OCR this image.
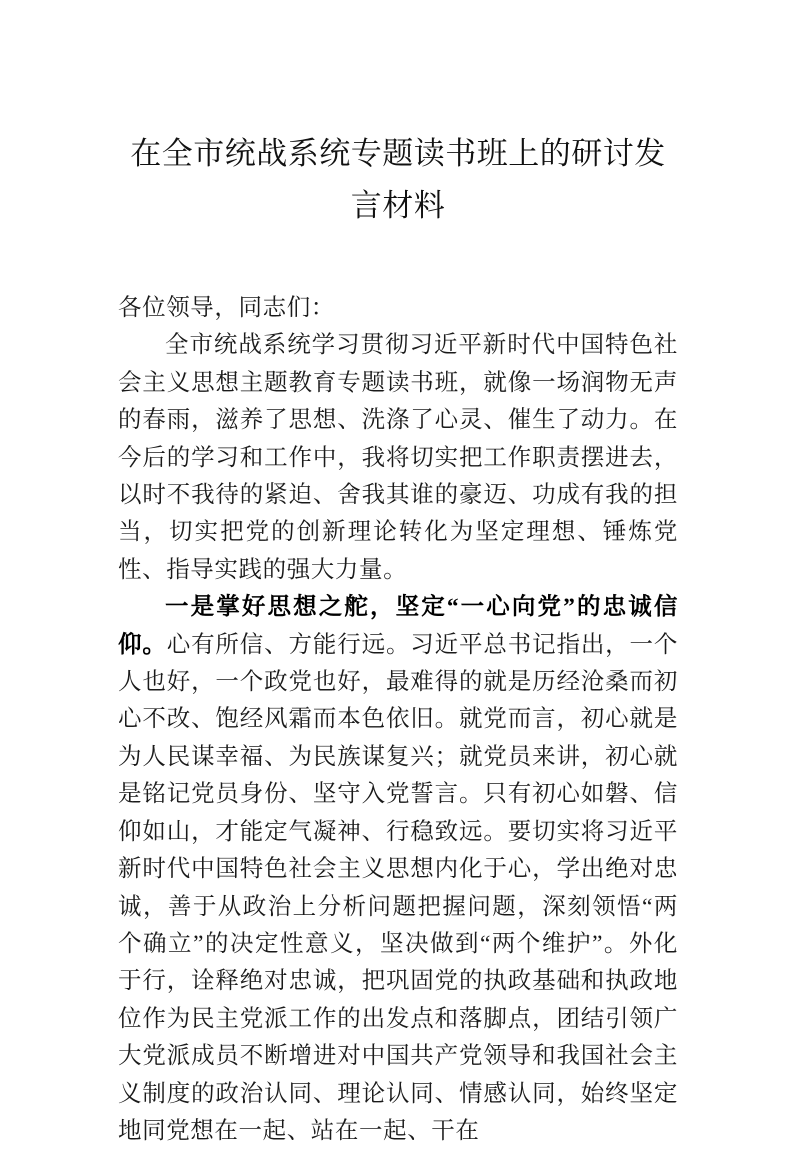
在全市统战系统专题读书班上的研讨发言材料

各位领导，同志们：

全市统战系统学习贯彻习近平新时代中国特色社会主义思想主题教育专题读书班，就像一场润物无声的春雨，滋养了思想、洗涤了心灵、催生了动力。在今后的学习和工作中，我将切实把工作职责摆进去，以时不我待的紧迫、舍我其谁的豪迈、功成有我的担当，切实把党的创新理论转化为坚定理想、锤炼党性、指导实践的强大力量。

一是掌好思想之舵，坚定“一心向党”的忠诚信仰。心有所信、方能行远。习近平总书记指出，一个人也好，一个政党也好，最难得的就是历经沧桑而初心不改、饱经风霜而本色依旧。就党而言，初心就是为人民谋幸福、为民族谋复兴；就党员来讲，初心就是铭记党员身份、坚守入党誓言。只有初心如磐、信仰如山，才能定气凝神、行稳致远。要切实将习近平新时代中国特色社会主义思想内化于心，学出绝对忠诚，善于从政治上分析问题把握问题，深刻领悟“两个确立”的决定性意义，坚决做到“两个维护”。外化于行，诠释绝对忠诚，把巩固党的执政基础和执政地位作为民主党派工作的出发点和落脚点，团结引领广大党派成员不断增进对中国共产党领导和我国社会主义制度的政治认同、理论认同、情感认同，始终坚定地同党想在一起、站在一起、干在
